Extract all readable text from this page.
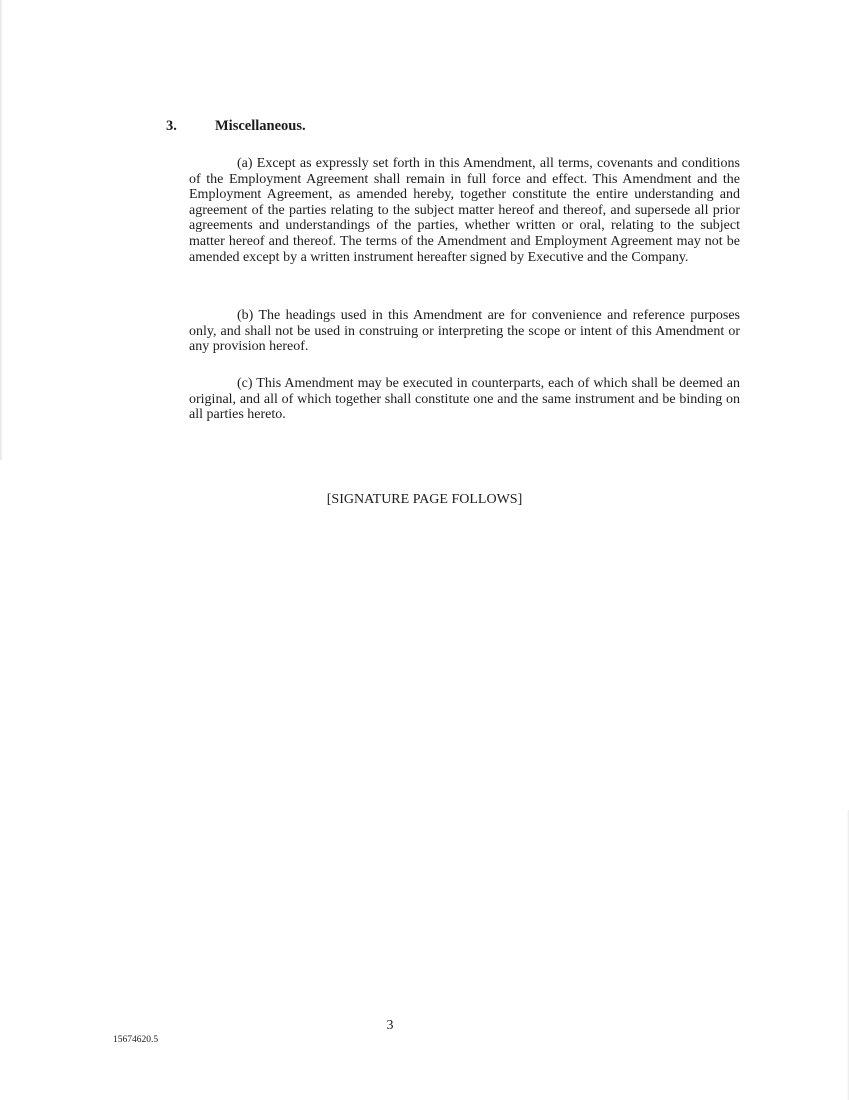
3.	Miscellaneous.

(a) Except as expressly set forth in this Amendment, all terms, covenants and conditions of the Employment Agreement shall remain in full force and effect. This Amendment and the Employment Agreement, as amended hereby, together constitute the entire understanding and agreement of the parties relating to the subject matter hereof and thereof, and supersede all prior agreements and understandings of the parties, whether written or oral, relating to the subject matter hereof and thereof. The terms of the Amendment and Employment Agreement may not be amended except by a written instrument hereafter signed by Executive and the Company.

(b) The headings used in this Amendment are for convenience and reference purposes only, and shall not be used in construing or interpreting the scope or intent of this Amendment or any provision hereof.

(c) This Amendment may be executed in counterparts, each of which shall be deemed an original, and all of which together shall constitute one and the same instrument and be binding on all parties hereto.

[SIGNATURE PAGE FOLLOWS]
3
15674620.5
